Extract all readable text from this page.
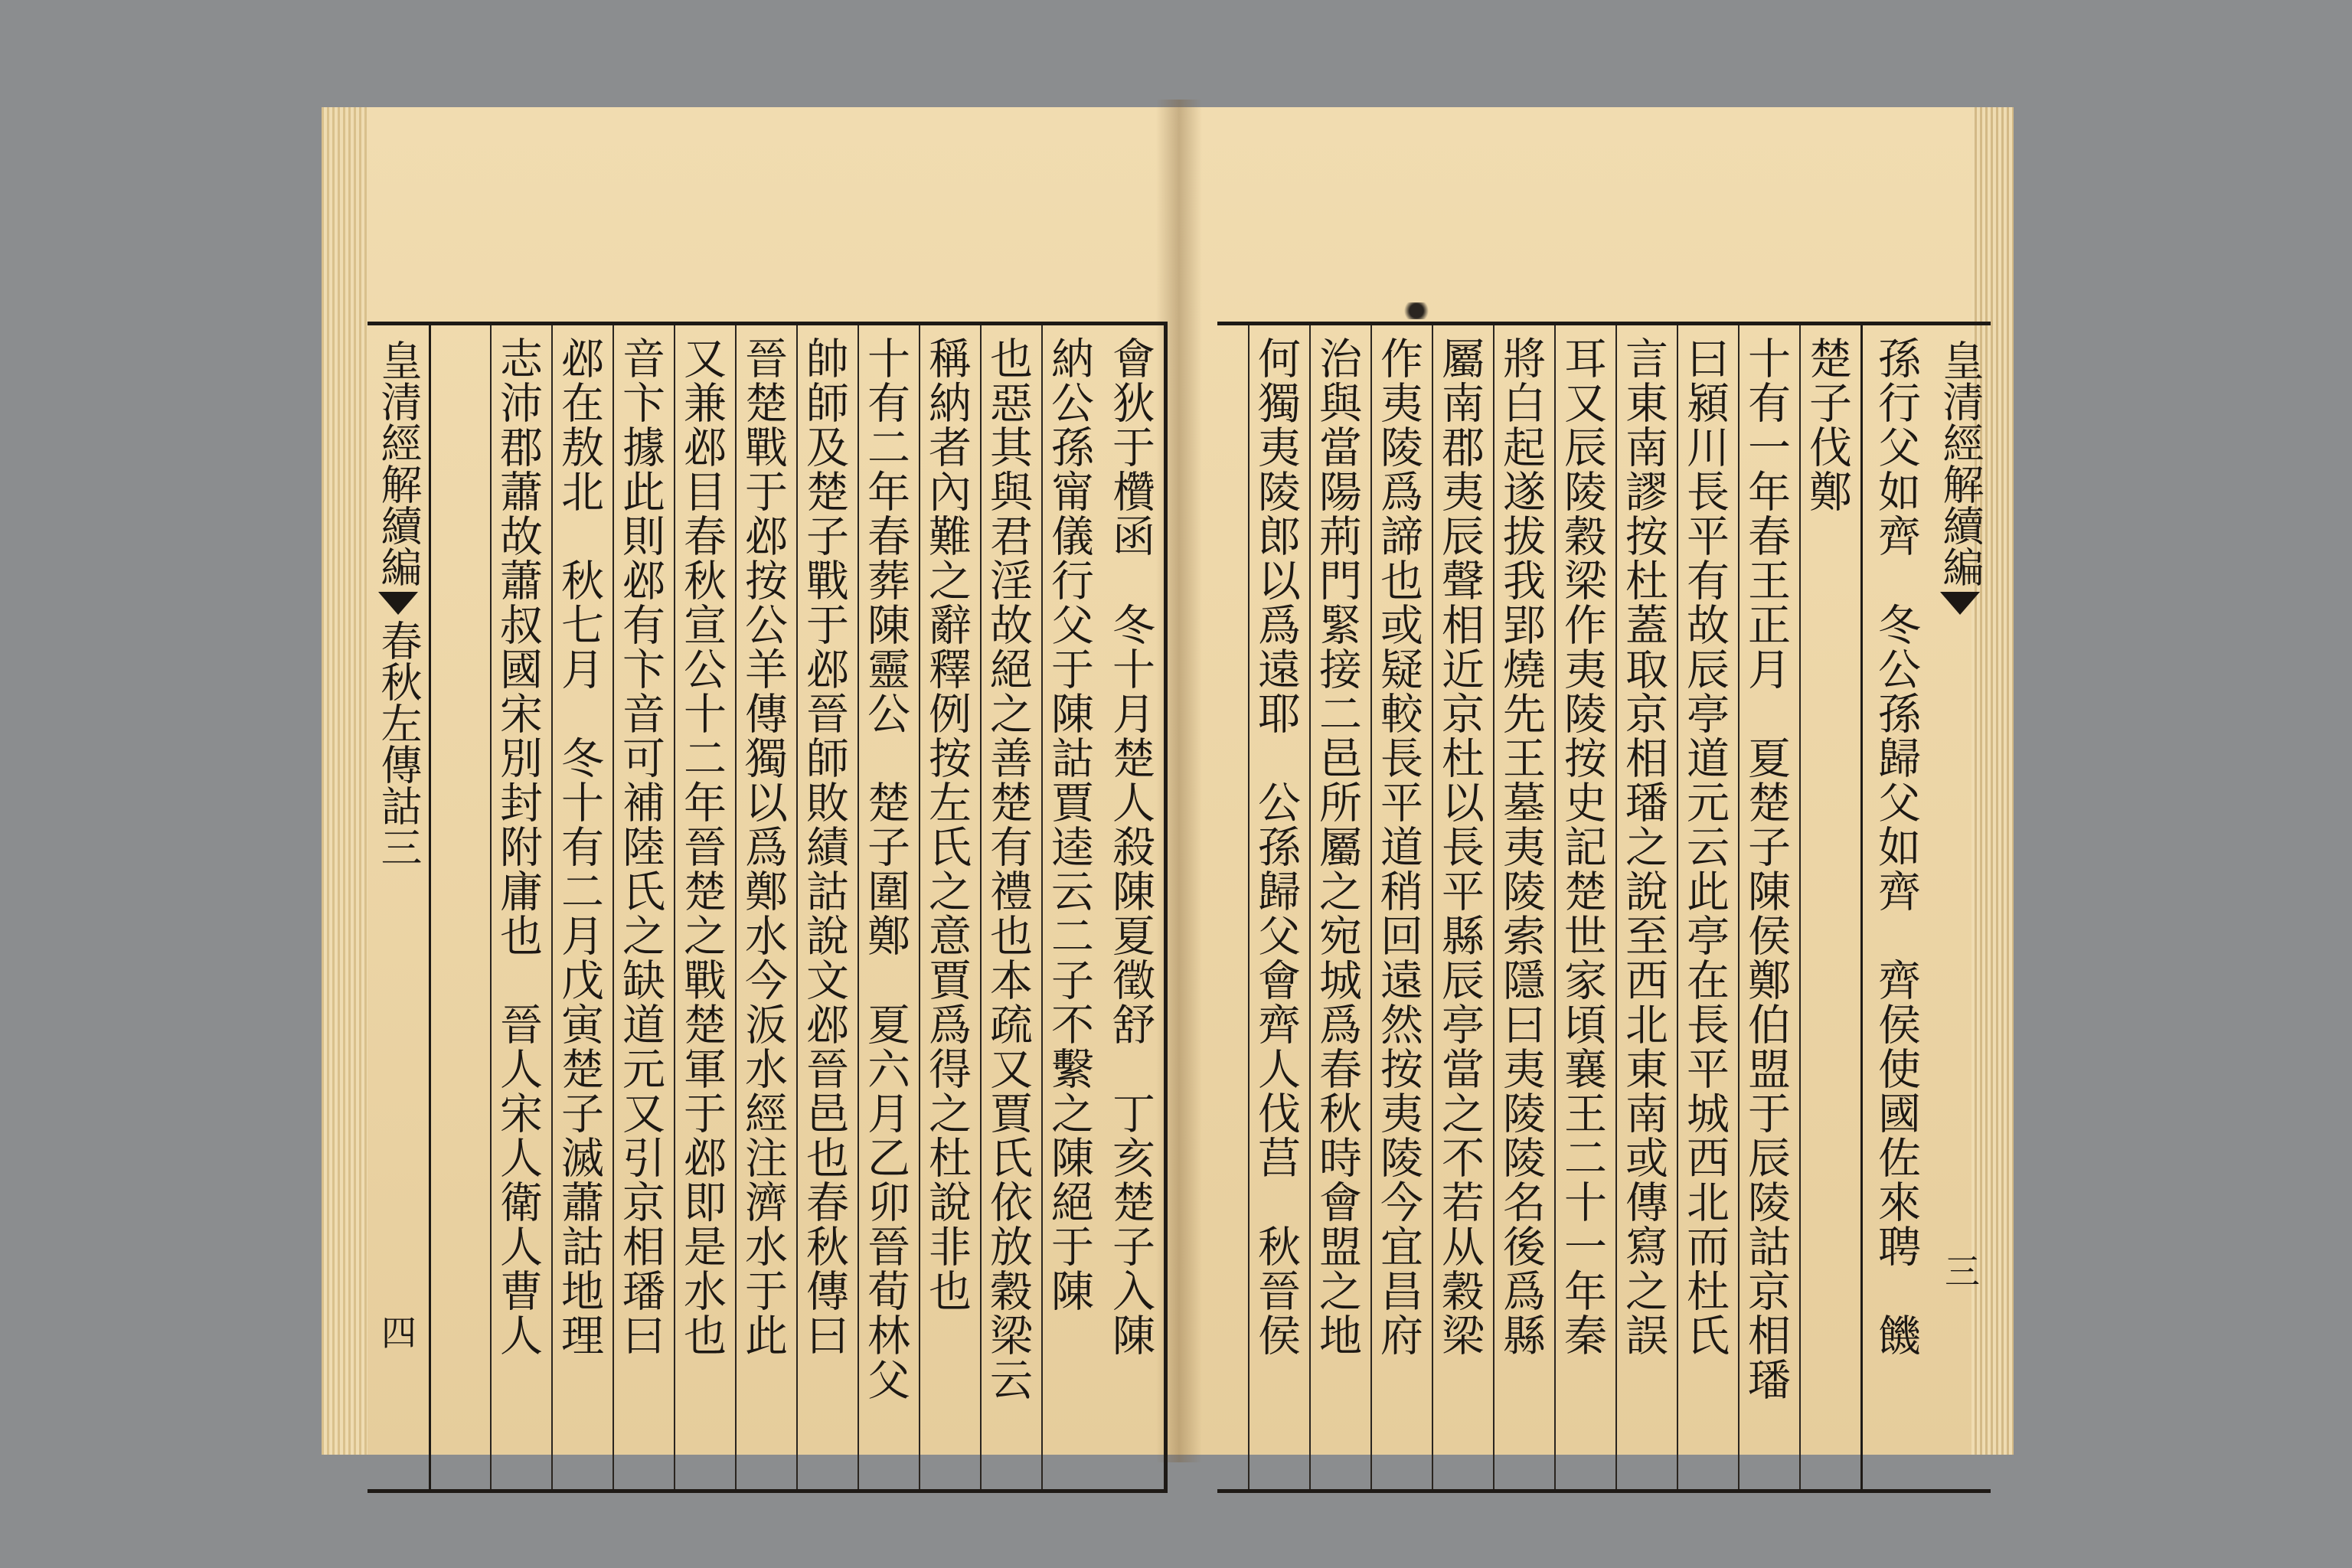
會狄于欑函　冬十月楚人殺陳夏徵舒　丁亥楚子入陳
納公孫甯儀行父于陳詁賈逵云二子不繫之陳絕于陳
也惡其與君淫故絕之善楚有禮也本疏又賈氏依放穀梁云
稱納者內難之辭釋例按左氏之意賈爲得之杜說非也
十有二年春葬陳靈公　楚子圍鄭　夏六月乙卯晉荀林父
帥師及楚子戰于邲晉師敗績詁說文邲晉邑也春秋傳曰
晉楚戰于邲按公羊傳獨以爲鄭水今汳水經注濟水于此
又兼邲目春秋宣公十二年晉楚之戰楚軍于邲即是水也
音卞據此則邲有卞音可補陸氏之缺道元又引京相璠曰
邲在敖北　秋七月　冬十有二月戊寅楚子滅蕭詁地理
志沛郡蕭故蕭叔國宋別封附庸也　晉人宋人衛人曹人
皇清經解續編春秋左傳詁三
四
皇清經解續編
三
孫行父如齊　冬公孫歸父如齊　齊侯使國佐來聘　饑
楚子伐鄭
十有一年春王正月　夏楚子陳侯鄭伯盟于辰陵詁京相璠
曰潁川長平有故辰亭道元云此亭在長平城西北而杜氏
言東南謬按杜蓋取京相璠之說至西北東南或傳寫之誤
耳又辰陵穀梁作夷陵按史記楚世家頃襄王二十一年秦
將白起遂拔我郢燒先王墓夷陵索隱曰夷陵陵名後爲縣
屬南郡夷辰聲相近京杜以長平縣辰亭當之不若从穀梁
作夷陵爲諦也或疑較長平道稍回遠然按夷陵今宜昌府
治與當陽荊門緊接二邑所屬之宛城爲春秋時會盟之地
何獨夷陵郎以爲遠耶　公孫歸父會齊人伐莒　秋晉侯
